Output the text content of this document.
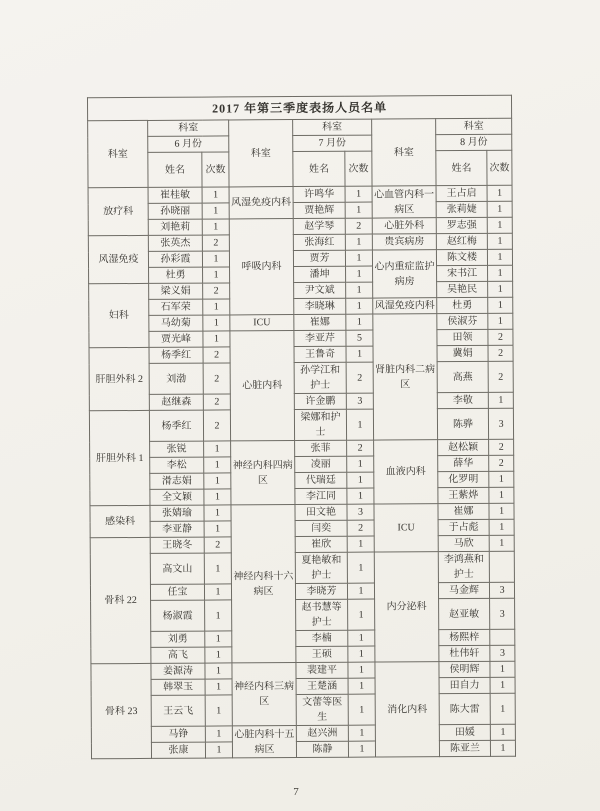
2017 年第三季度表扬人员名单								
科室	科室		科室	科室		科室	科室	
	6 月份			7 月份			8 月份	
	姓名	次数		姓名	次数		姓名	次数
放疗科	崔桂敏	1	风湿免疫内科	许鸣华	1	心血管内科一病区	王占启	1
	孙晓丽	1		贾艳辉	1		张莉婕	1
	刘艳莉	1	呼吸内科	赵学琴	2	心脏外科	罗志强	1
风湿免疫	张英杰	2		张海红	1	贵宾病房	赵红梅	1
	孙彩霞	1		贾芳	1	心内重症监护病房	陈文楼	1
	杜勇	1		潘坤	1		宋书江	1
妇科	梁义娟	2		尹文斌	1		吴艳民	1
	石军荣	1		李晓琳	1	风湿免疫内科	杜勇	1
	马幼菊	1	ICU	崔娜	1	肾脏内科二病区	侯淑芬	1
	贾光峰	1	心脏内科	李亚芹	5		田领	2
肝胆外科 2	杨季红	2		王鲁奇	1		冀娟	2
	刘渤	2		孙学江和护士	2		高燕	2
	赵继森	2		许金鹏	3		李敬	1
肝胆外科 1	杨季红	2		梁娜和护士	1		陈骅	3
	张锐	1	神经内科四病区	张菲	2	血液内科	赵松颖	2
	李松	1		凌丽	1		薛华	2
	滑志娟	1		代瑞廷	1		化罗明	1
	全文颖	1		李江同	1		王紫烨	1
感染科	张婧瑜	1	神经内科十六病区	田文艳	3	ICU	崔娜	1
	李亚静	1		闫奕	2		于占彪	1
骨科 22	王晓冬	2		崔欣	1		马欣	1
	高文山	1		夏艳敏和护士	1	内分泌科	李鸿燕和护士	
	任宝	1		李晓芳	1		马金辉	3
	杨淑霞	1		赵书慧等护士	1		赵亚敏	3
	刘勇	1		李楠	1		杨熙梓	
	高飞	1		王硕	1		杜伟轩	3
骨科 23	姜源涛	1	神经内科三病区	裴建平	1	消化内科	侯明辉	1
	韩翠玉	1		王楚涵	1		田自力	1
	王云飞	1		文蕾等医生	1		陈大雷	1
	马铮	1	心脏内科十五病区	赵兴洲	1		田媛	1
	张康	1		陈静	1		陈亚兰	1
7
